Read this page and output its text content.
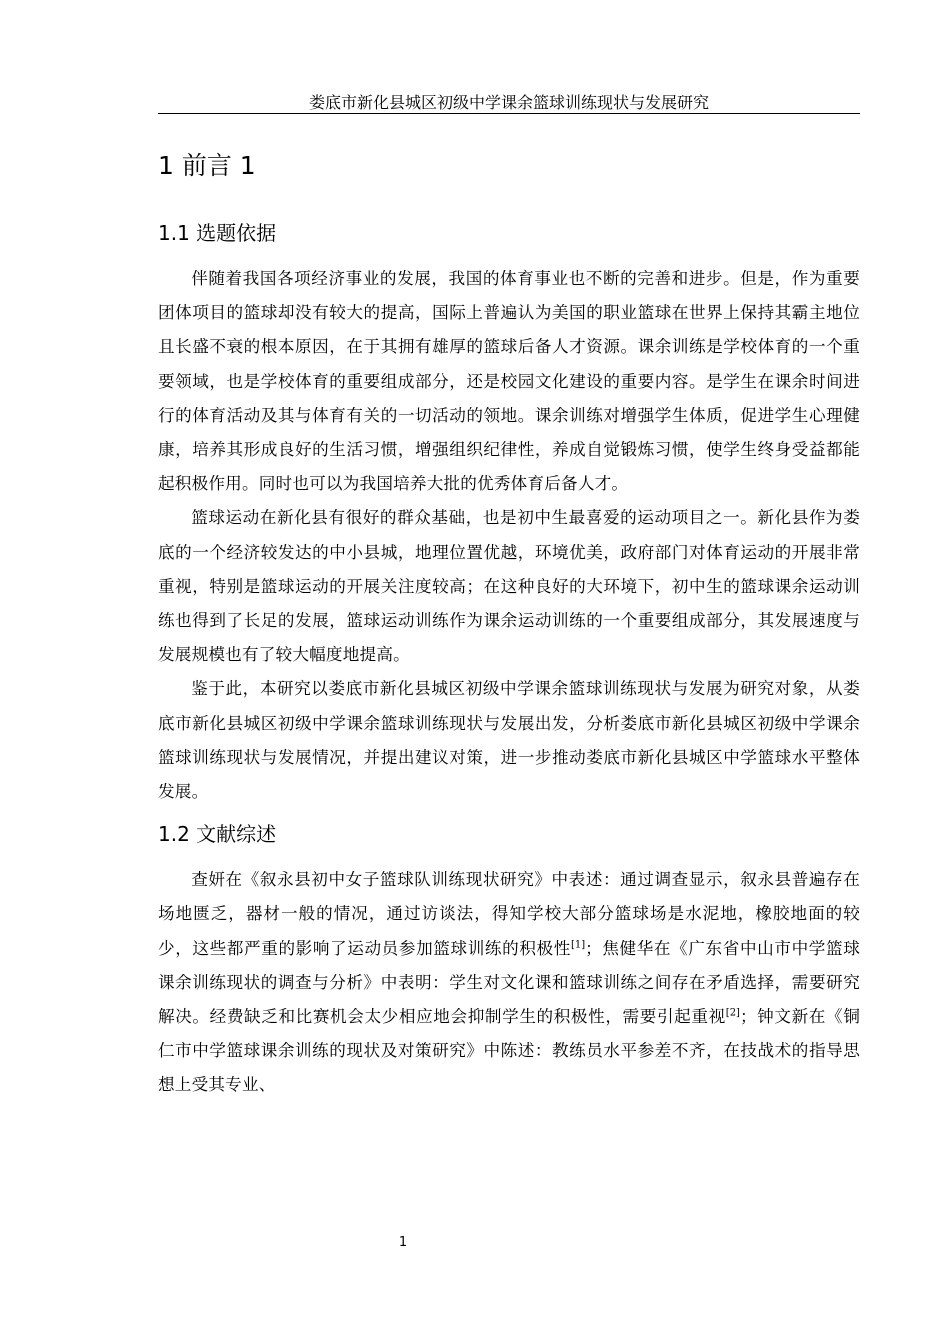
娄底市新化县城区初级中学课余篮球训练现状与发展研究
1 前言 1
1.1 选题依据

伴随着我国各项经济事业的发展，我国的体育事业也不断的完善和进步。但是，作为重要团体项目的篮球却没有较大的提高，国际上普遍认为美国的职业篮球在世界上保持其霸主地位且长盛不衰的根本原因，在于其拥有雄厚的篮球后备人才资源。课余训练是学校体育的一个重要领域，也是学校体育的重要组成部分，还是校园文化建设的重要内容。是学生在课余时间进行的体育活动及其与体育有关的一切活动的领地。课余训练对增强学生体质，促进学生心理健康，培养其形成良好的生活习惯，增强组织纪律性，养成自觉锻炼习惯，使学生终身受益都能起积极作用。同时也可以为我国培养大批的优秀体育后备人才。

篮球运动在新化县有很好的群众基础，也是初中生最喜爱的运动项目之一。新化县作为娄底的一个经济较发达的中小县城，地理位置优越，环境优美，政府部门对体育运动的开展非常重视，特别是篮球运动的开展关注度较高；在这种良好的大环境下，初中生的篮球课余运动训练也得到了长足的发展，篮球运动训练作为课余运动训练的一个重要组成部分，其发展速度与发展规模也有了较大幅度地提高。

鉴于此，本研究以娄底市新化县城区初级中学课余篮球训练现状与发展为研究对象，从娄底市新化县城区初级中学课余篮球训练现状与发展出发，分析娄底市新化县城区初级中学课余篮球训练现状与发展情况，并提出建议对策，进一步推动娄底市新化县城区中学篮球水平整体发展。

1.2 文献综述

查妍在《叙永县初中女子篮球队训练现状研究》中表述：通过调查显示，叙永县普遍存在场地匮乏，器材一般的情况，通过访谈法，得知学校大部分篮球场是水泥地，橡胶地面的较少，这些都严重的影响了运动员参加篮球训练的积极性[1]；焦健华在《广东省中山市中学篮球课余训练现状的调查与分析》中表明：学生对文化课和篮球训练之间存在矛盾选择，需要研究解决。经费缺乏和比赛机会太少相应地会抑制学生的积极性，需要引起重视[2]；钟文新在《铜仁市中学篮球课余训练的现状及对策研究》中陈述：教练员水平参差不齐，在技战术的指导思想上受其专业、

1
